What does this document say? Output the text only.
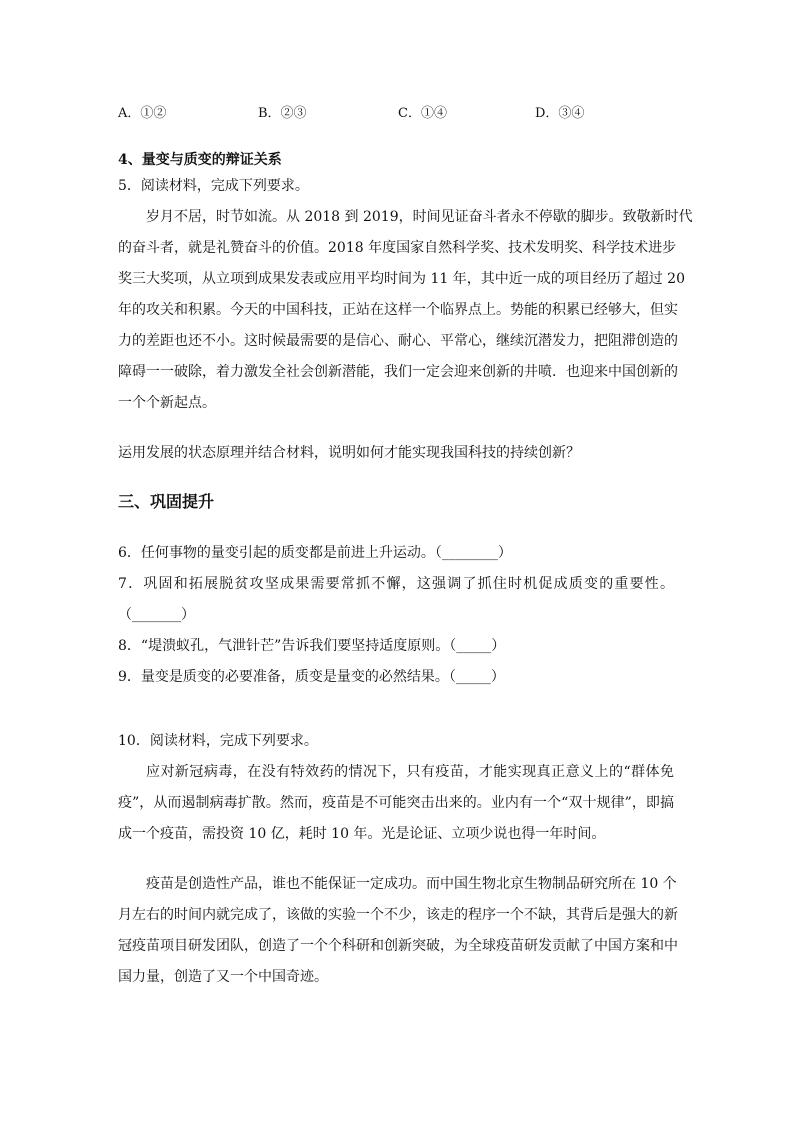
A．①②	B．②③	C．①④	D．③④
4、量变与质变的辩证关系
5．阅读材料，完成下列要求。
岁月不居，时节如流。从 2018 到 2019，时间见证奋斗者永不停歇的脚步。致敬新时代
的奋斗者，就是礼赞奋斗的价值。2018 年度国家自然科学奖、技术发明奖、科学技术进步
奖三大奖项，从立项到成果发表或应用平均时间为 11 年，其中近一成的项目经历了超过 20
年的攻关和积累。今天的中国科技，正站在这样一个临界点上。势能的积累已经够大，但实
力的差距也还不小。这时候最需要的是信心、耐心、平常心，继续沉潜发力，把阻滞创造的
障碍一一破除，着力激发全社会创新潜能，我们一定会迎来创新的井喷．也迎来中国创新的
一个个新起点。
运用发展的状态原理并结合材料，说明如何才能实现我国科技的持续创新？
三、巩固提升
6．任何事物的量变引起的质变都是前进上升运动。（________）
7．巩固和拓展脱贫攻坚成果需要常抓不懈，这强调了抓住时机促成质变的重要性。
（_______）
8．“堤溃蚁孔，气泄针芒”告诉我们要坚持适度原则。（_____）
9．量变是质变的必要准备，质变是量变的必然结果。（_____）
10．阅读材料，完成下列要求。
应对新冠病毒，在没有特效药的情况下，只有疫苗，才能实现真正意义上的“群体免
疫”，从而遏制病毒扩散。然而，疫苗是不可能突击出来的。业内有一个“双十规律”，即搞
成一个疫苗，需投资 10 亿，耗时 10 年。光是论证、立项少说也得一年时间。
疫苗是创造性产品，谁也不能保证一定成功。而中国生物北京生物制品研究所在 10 个
月左右的时间内就完成了，该做的实验一个不少，该走的程序一个不缺，其背后是强大的新
冠疫苗项目研发团队，创造了一个个科研和创新突破，为全球疫苗研发贡献了中国方案和中
国力量，创造了又一个中国奇迹。
